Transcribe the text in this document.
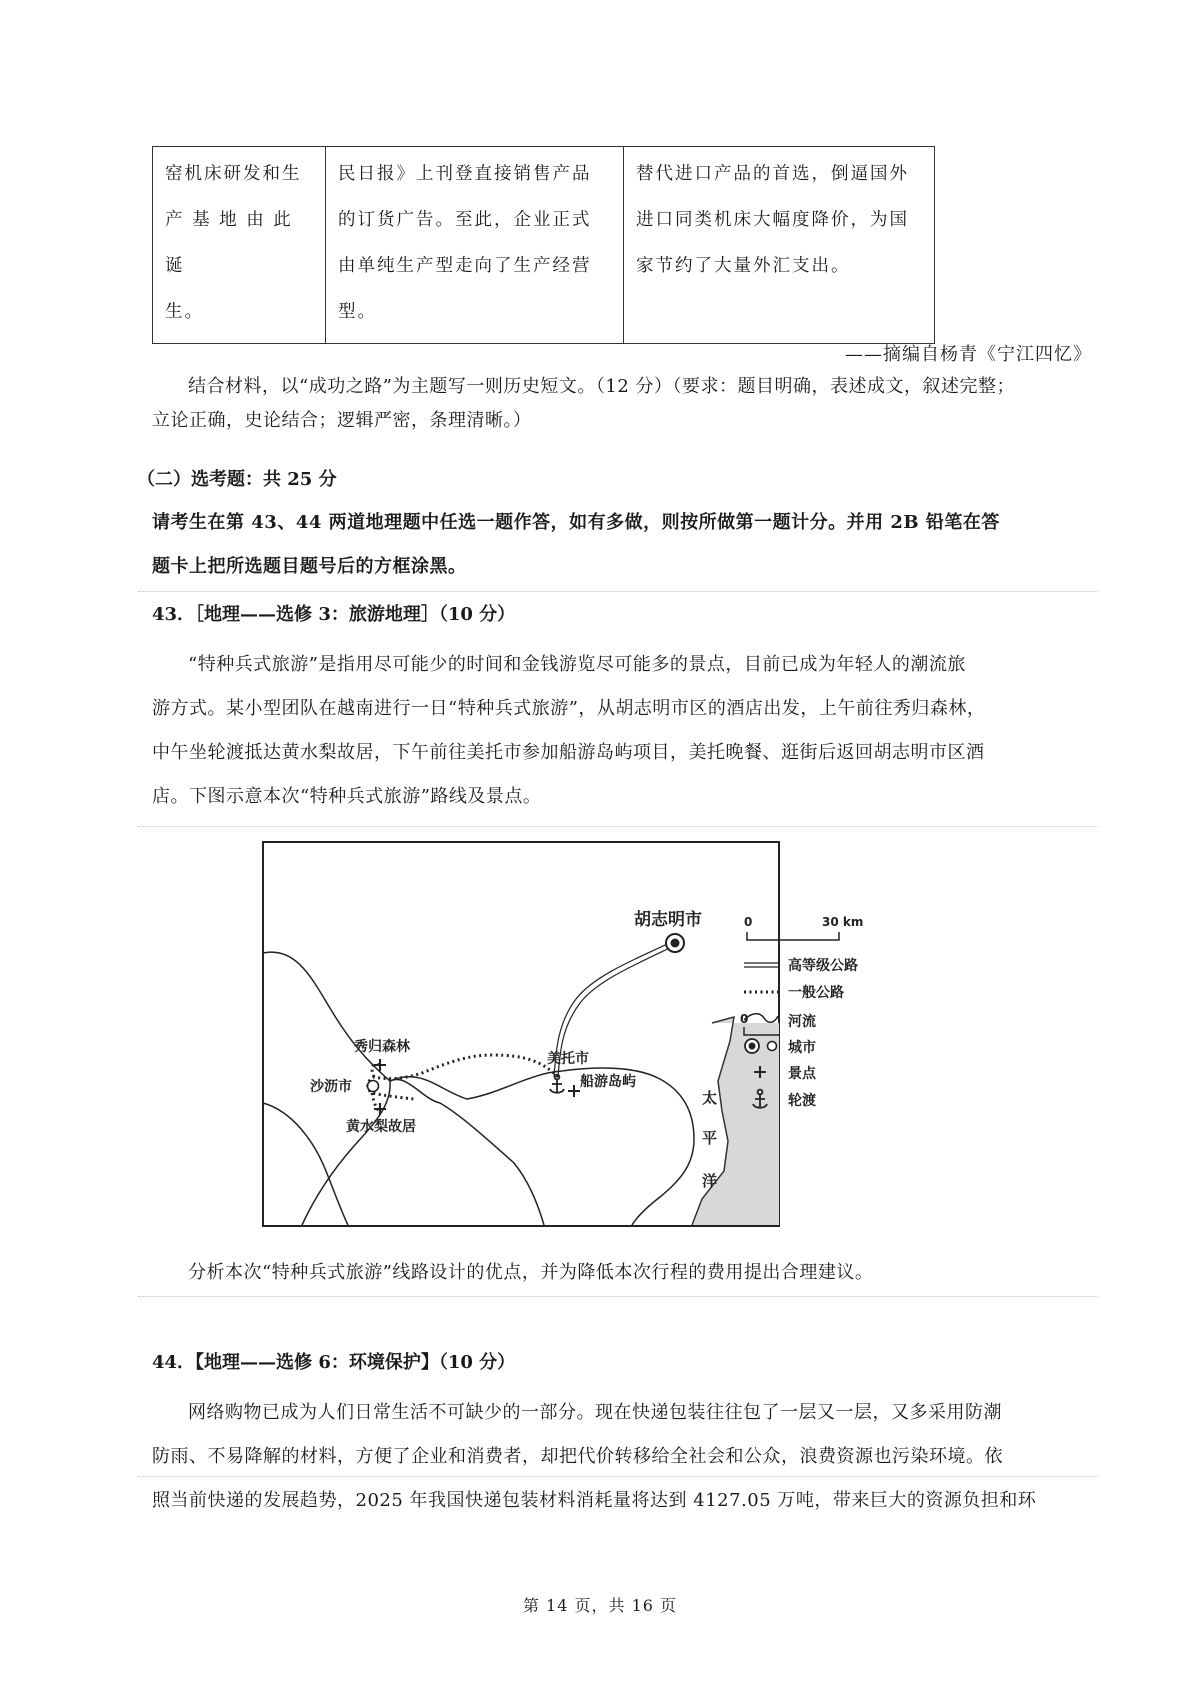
窑机床研发和生
产 基 地 由 此 诞
生。

民日报》上刊登直接销售产品
的订货广告。至此，企业正式
由单纯生产型走向了生产经营
型。

替代进口产品的首选，倒逼国外
进口同类机床大幅度降价，为国
家节约了大量外汇支出。
——摘编自杨青《宁江四忆》
结合材料，以“成功之路”为主题写一则历史短文。（12 分）（要求：题目明确，表述成文，叙述完整；
立论正确，史论结合；逻辑严密，条理清晰。）
（二）选考题：共 25 分
请考生在第 43、44 两道地理题中任选一题作答，如有多做，则按所做第一题计分。并用 2B 铅笔在答
题卡上把所选题目题号后的方框涂黑。
43．［地理——选修 3：旅游地理］（10 分）
“特种兵式旅游”是指用尽可能少的时间和金钱游览尽可能多的景点，目前已成为年轻人的潮流旅
游方式。某小型团队在越南进行一日“特种兵式旅游”，从胡志明市区的酒店出发，上午前往秀归森林，
中午坐轮渡抵达黄水梨故居，下午前往美托市参加船游岛屿项目，美托晚餐、逛街后返回胡志明市区酒
店。下图示意本次“特种兵式旅游”路线及景点。
胡志明市
秀归森林
沙沥市
黄水梨故居
美托市
船游岛屿
太
平
洋
0
0	30 km
高等级公路
一般公路
河流
城市
景点
轮渡
分析本次“特种兵式旅游”线路设计的优点，并为降低本次行程的费用提出合理建议。
44．【地理——选修 6：环境保护】（10 分）
网络购物已成为人们日常生活不可缺少的一部分。现在快递包装往往包了一层又一层，又多采用防潮
防雨、不易降解的材料，方便了企业和消费者，却把代价转移给全社会和公众，浪费资源也污染环境。依
照当前快递的发展趋势，2025 年我国快递包装材料消耗量将达到 4127.05 万吨，带来巨大的资源负担和环
第 14 页，共 16 页
